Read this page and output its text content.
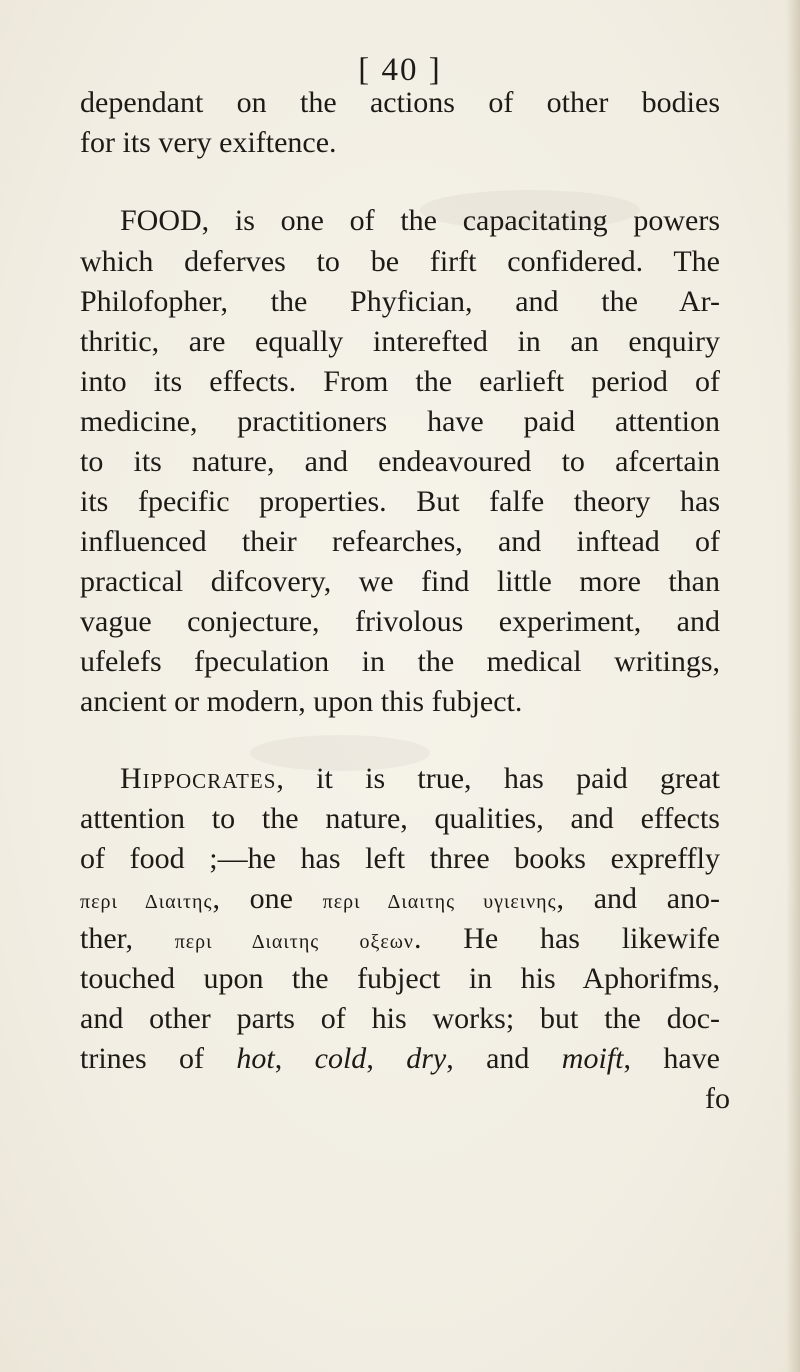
[ 40 ]
dependant on the actions of other bodies
for its very exiftence.
FOOD, is one of the capacitating powers
which deferves to be firft confidered. The
Philofopher, the Phyfician, and the Ar-
thritic, are equally interefted in an enquiry
into its effects. From the earlieft period of
medicine, practitioners have paid attention
to its nature, and endeavoured to afcertain
its fpecific properties. But falfe theory has
influenced their refearches, and inftead of
practical difcovery, we find little more than
vague conjecture, frivolous experiment, and
ufelefs fpeculation in the medical writings,
ancient or modern, upon this fubject.
Hippocrates, it is true, has paid great
attention to the nature, qualities, and effects
of food ;—he has left three books expreffly
περι Διαιτης, one περι Διαιτης υγιεινης, and ano-
ther, περι Διαιτης οξεων. He has likewife
touched upon the fubject in his Aphorifms,
and other parts of his works; but the doc-
trines of hot, cold, dry, and moift, have
fo
